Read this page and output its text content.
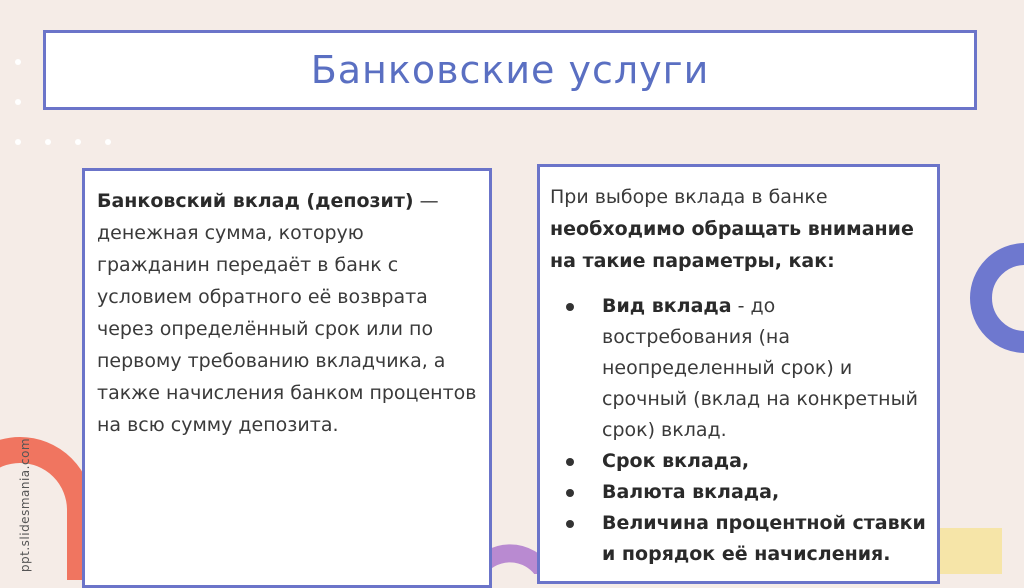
Банковские услуги
Банковский вклад (депозит) — денежная сумма, которую гражданин передаёт в банк с условием обратного её возврата через определённый срок или по первому требованию вкладчика, а также начисления банком процентов на всю сумму депозита.
При выборе вклада в банке необходимо обращать внимание на такие параметры, как:
Вид вклада - до востребования (на неопределенный срок) и срочный (вклад на конкретный срок) вклад.
Срок вклада,
Валюта вклада,
Величина процентной ставки и порядок её начисления.
ppt.slidesmania.com
